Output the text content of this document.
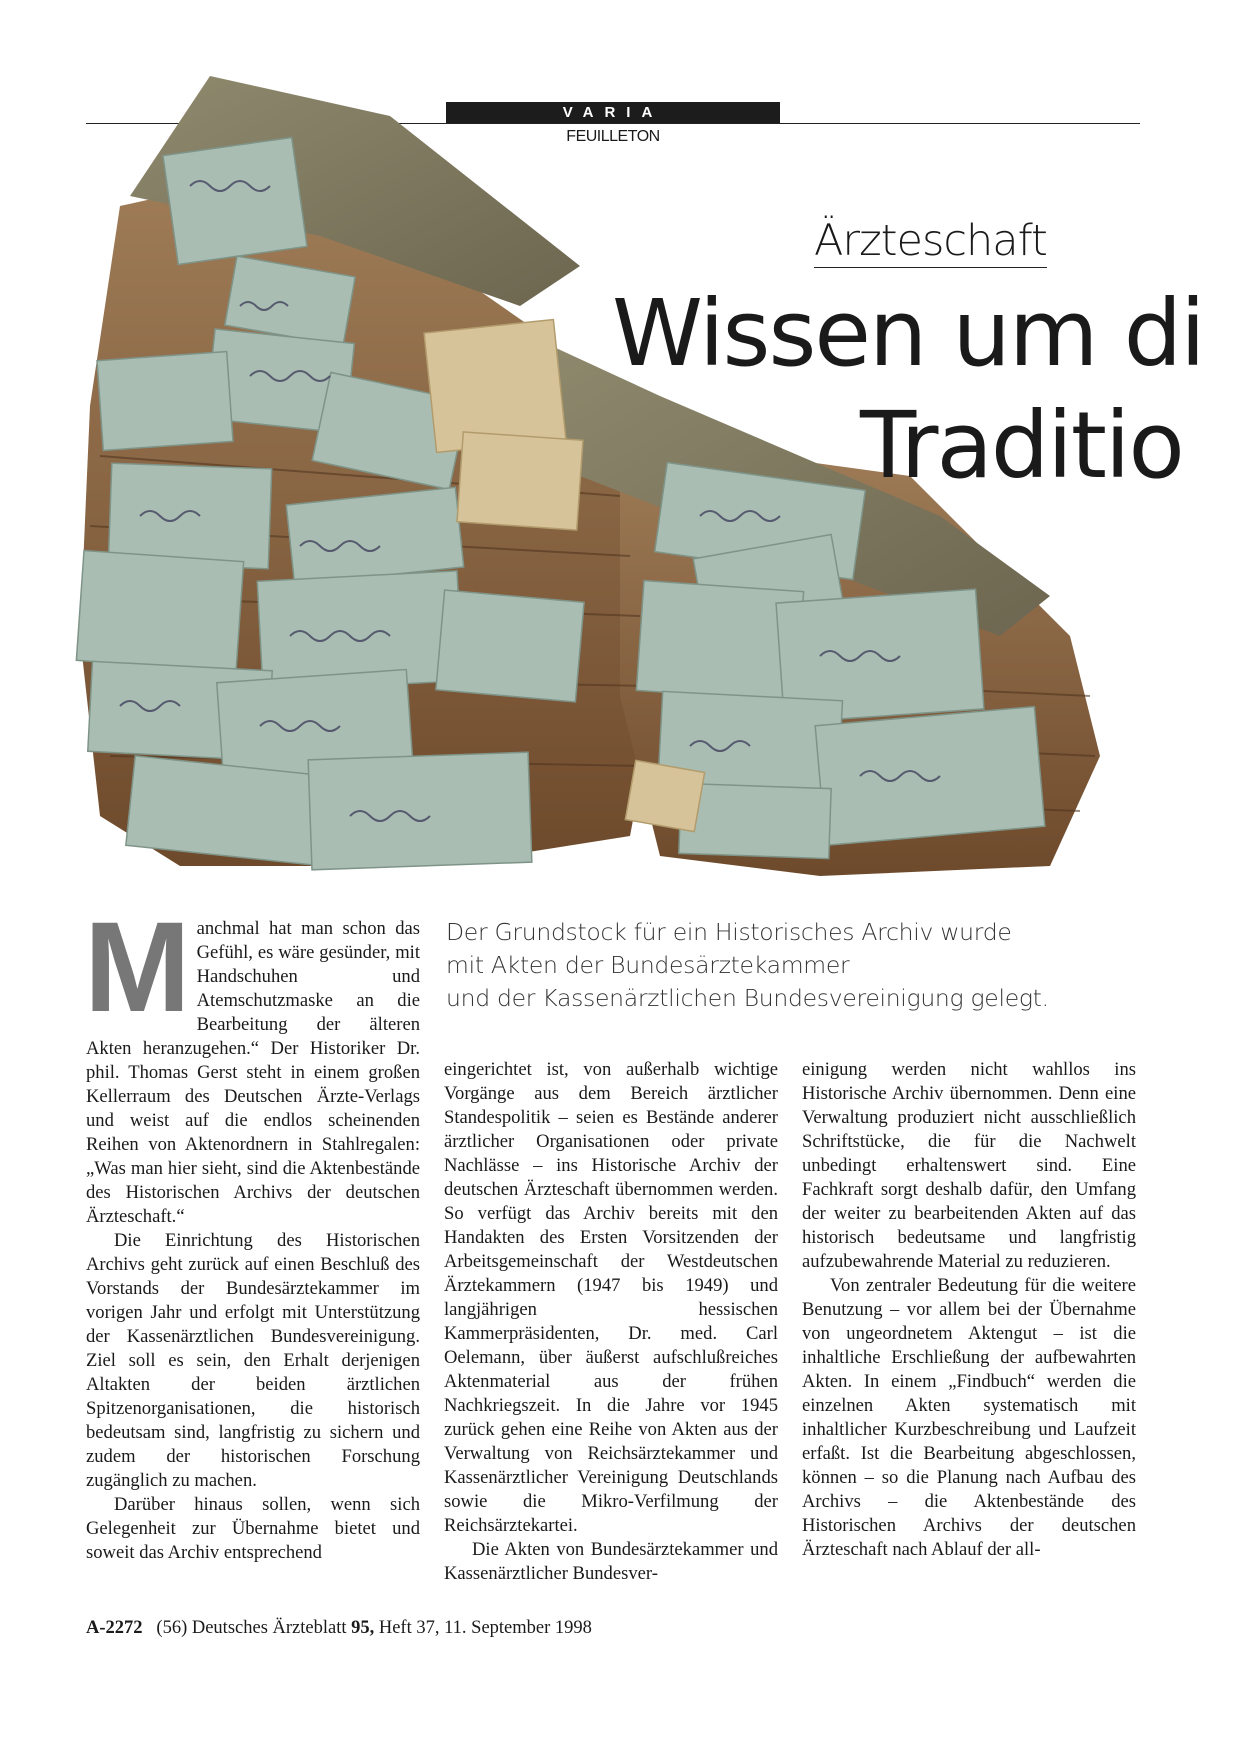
VARIA
FEUILLETON
Ärzteschaft
Wissen um di
Traditio
Der Grundstock für ein Historisches Archiv wurde
mit Akten der Bundesärztekammer
und der Kassenärztlichen Bundesvereinigung gelegt.

Manchmal hat man schon das Gefühl, es wäre gesünder, mit Handschuhen und Atemschutzmaske an die Bearbeitung der älteren Akten heranzugehen.“ Der Historiker Dr. phil. Thomas Gerst steht in einem großen Kellerraum des Deutschen Ärzte-Verlags und weist auf die endlos scheinenden Reihen von Aktenordnern in Stahlregalen: „Was man hier sieht, sind die Aktenbestände des Historischen Archivs der deutschen Ärzteschaft.“

Die Einrichtung des Historischen Archivs geht zurück auf einen Beschluß des Vorstands der Bundesärztekammer im vorigen Jahr und erfolgt mit Unterstützung der Kassenärztlichen Bundesvereinigung. Ziel soll es sein, den Erhalt derjenigen Altakten der beiden ärztlichen Spitzenorganisationen, die historisch bedeutsam sind, langfristig zu sichern und zudem der historischen Forschung zugänglich zu machen.

Darüber hinaus sollen, wenn sich Gelegenheit zur Übernahme bietet und soweit das Archiv entsprechend

eingerichtet ist, von außerhalb wichtige Vorgänge aus dem Bereich ärztlicher Standespolitik – seien es Bestände anderer ärztlicher Organisationen oder private Nachlässe – ins Historische Archiv der deutschen Ärzteschaft übernommen werden. So verfügt das Archiv bereits mit den Handakten des Ersten Vorsitzenden der Arbeitsgemeinschaft der Westdeutschen Ärztekammern (1947 bis 1949) und langjährigen hessischen Kammerpräsidenten, Dr. med. Carl Oelemann, über äußerst aufschlußreiches Aktenmaterial aus der frühen Nachkriegszeit. In die Jahre vor 1945 zurück gehen eine Reihe von Akten aus der Verwaltung von Reichsärztekammer und Kassenärztlicher Vereinigung Deutschlands sowie die Mikro-Verfilmung der Reichsärztekartei.

Die Akten von Bundesärztekammer und Kassenärztlicher Bundesver-

einigung werden nicht wahllos ins Historische Archiv übernommen. Denn eine Verwaltung produziert nicht ausschließlich Schriftstücke, die für die Nachwelt unbedingt erhaltenswert sind. Eine Fachkraft sorgt deshalb dafür, den Umfang der weiter zu bearbeitenden Akten auf das historisch bedeutsame und langfristig aufzubewahrende Material zu reduzieren.

Von zentraler Bedeutung für die weitere Benutzung – vor allem bei der Übernahme von ungeordnetem Aktengut – ist die inhaltliche Erschließung der aufbewahrten Akten. In einem „Findbuch“ werden die einzelnen Akten systematisch mit inhaltlicher Kurzbeschreibung und Laufzeit erfaßt. Ist die Bearbeitung abgeschlossen, können – so die Planung nach Aufbau des Archivs – die Aktenbestände des Historischen Archivs der deutschen Ärzteschaft nach Ablauf der all-

A-2272 (56) Deutsches Ärzteblatt 95, Heft 37, 11. September 1998
